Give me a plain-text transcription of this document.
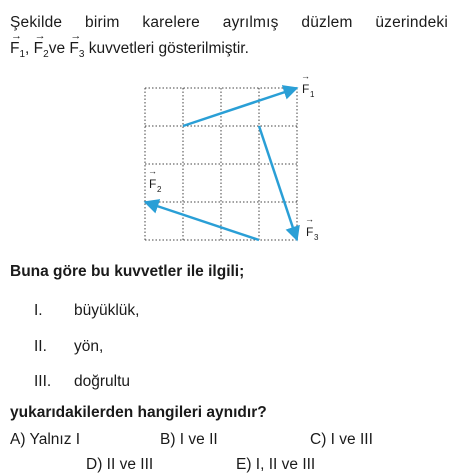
Şekilde birim karelere ayrılmış düzlem üzerindeki
→
$F_1$,
→
$F_2ve$
→
$F_3$ kuvvetleri gösterilmiştir.
→
F 1
→
F 2
→
F 3
Buna göre bu kuvvetler ile ilgili;
I. büyüklük,
II. yön,
III. doğrultu
yukarıdakilerden hangileri aynıdır?
A) Yalnız I	B) I ve II	C) I ve III
D) II ve III	E) I, II ve III
